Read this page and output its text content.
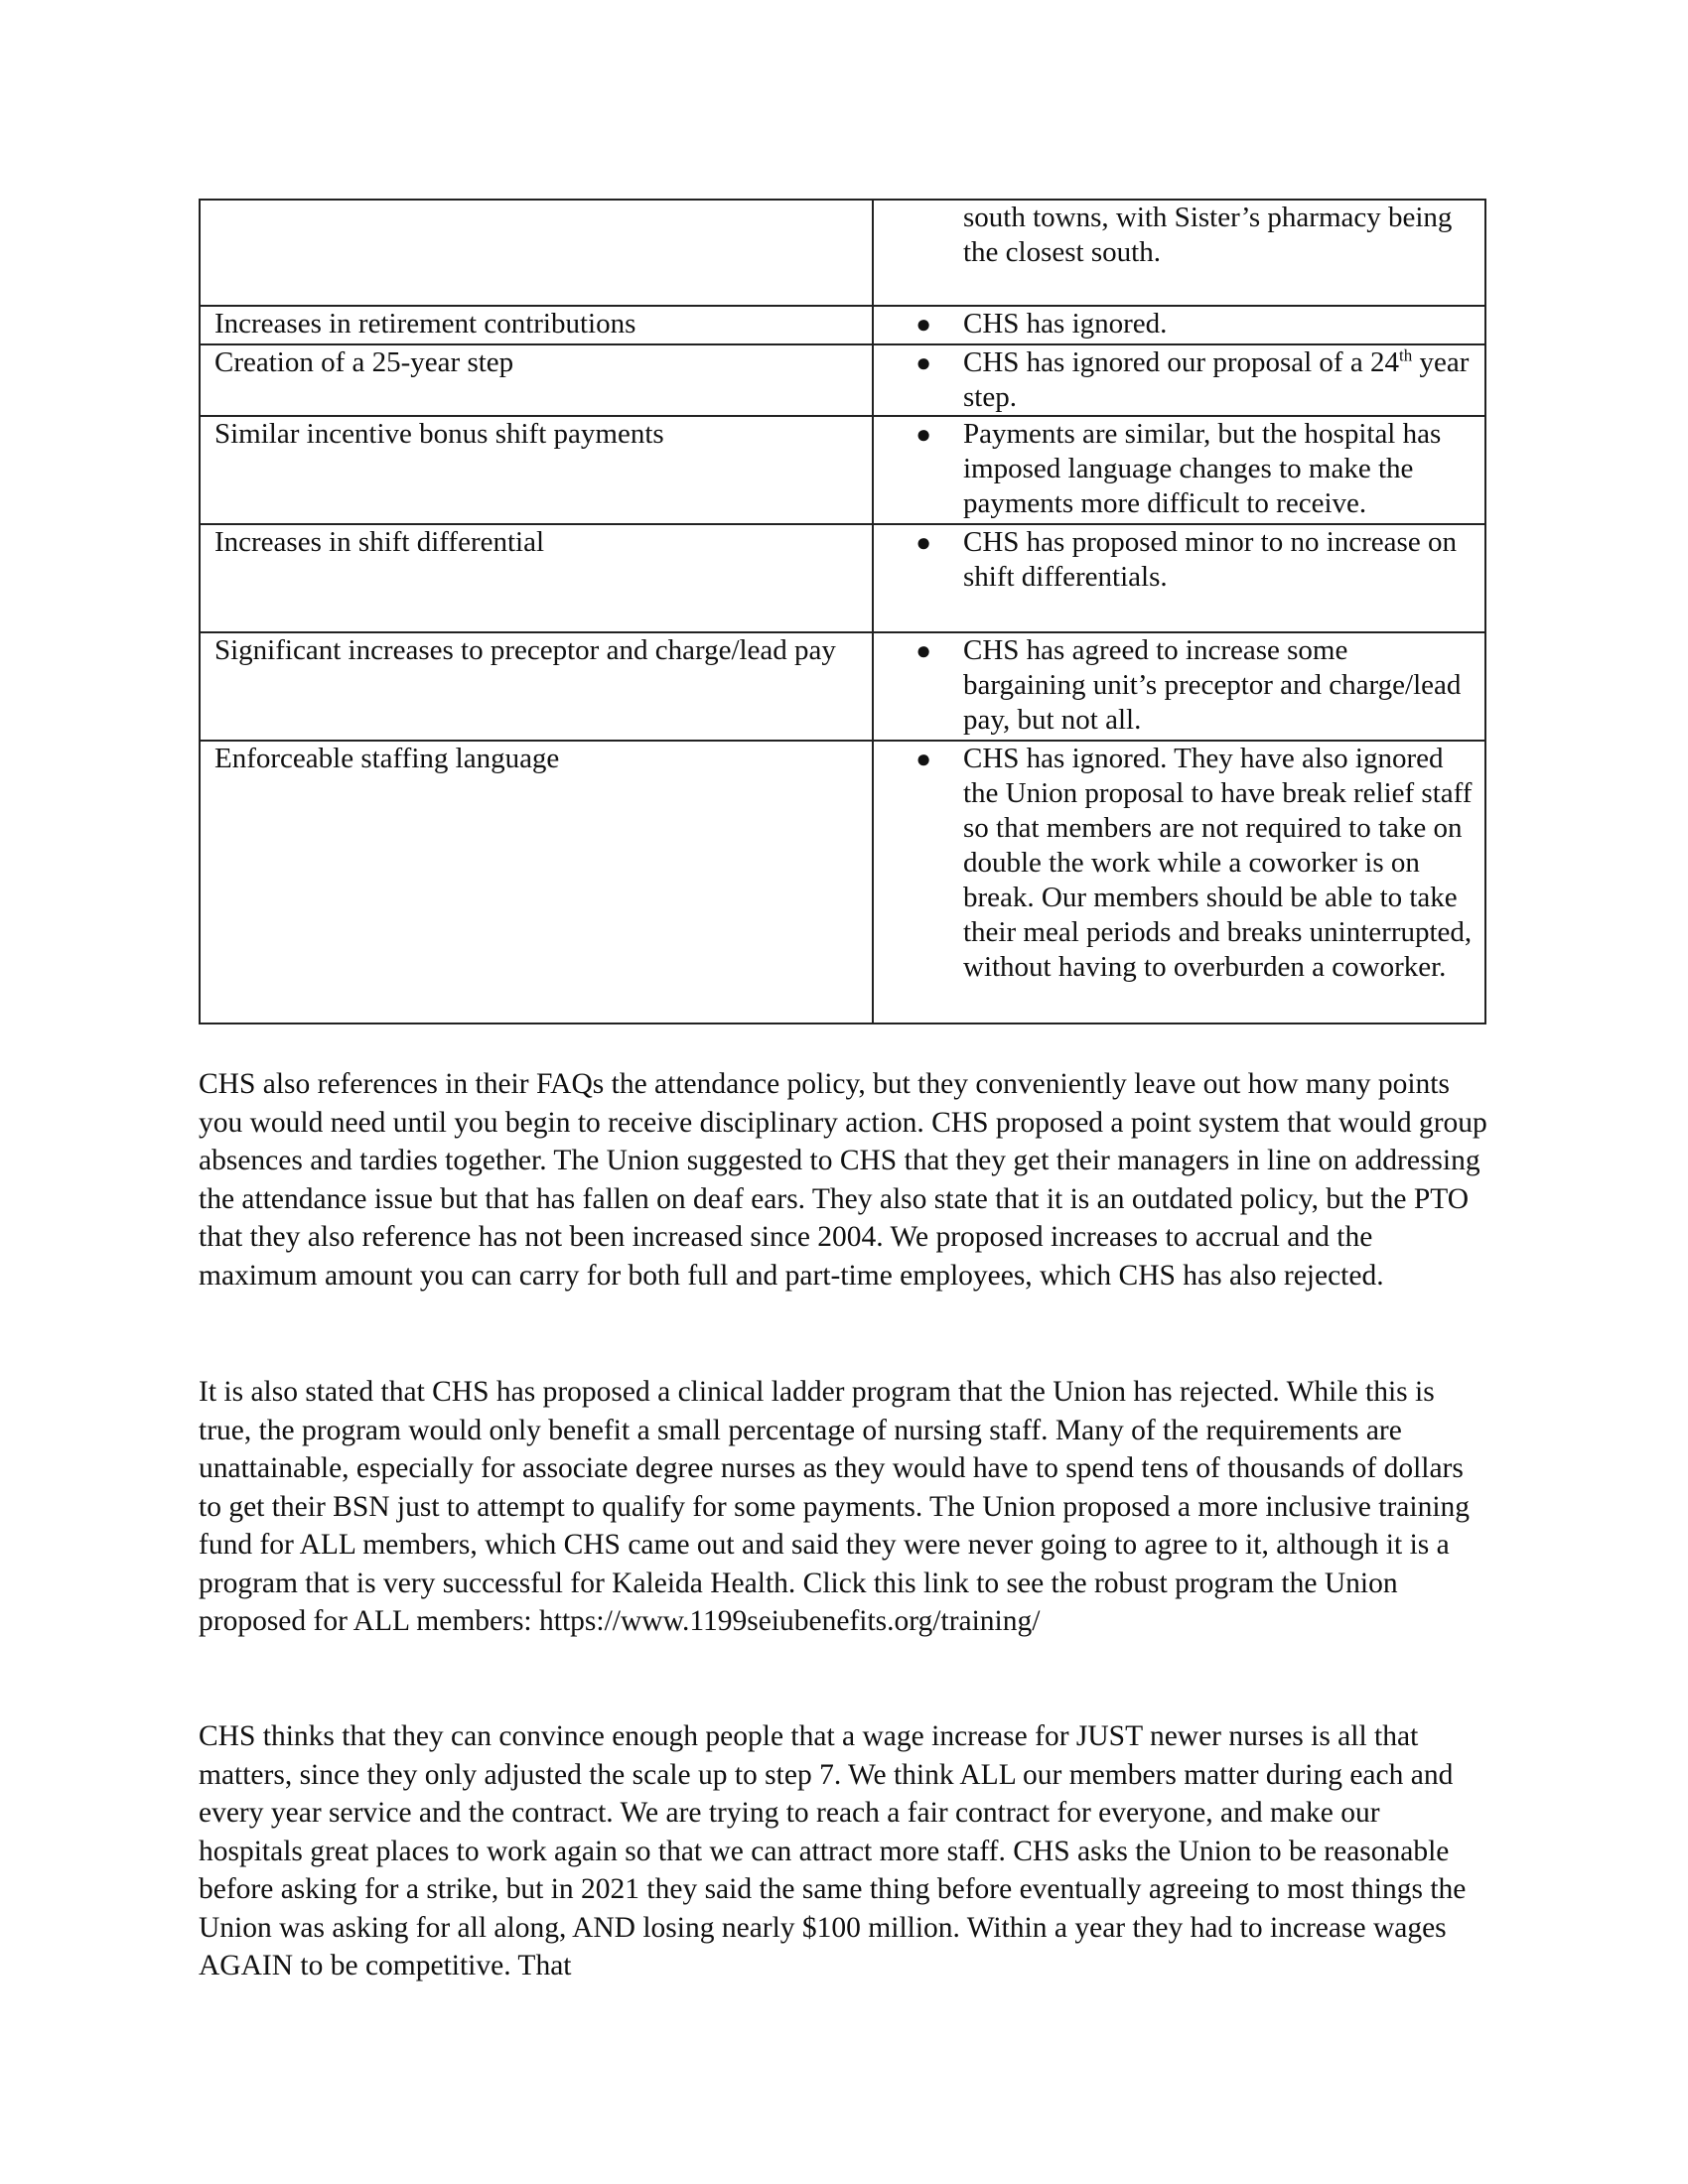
	south towns, with Sister’s pharmacy being the closest south.

Increases in retirement contributions	● CHS has ignored.

Creation of a 25-year step	● CHS has ignored our proposal of a 24th year step.

Similar incentive bonus shift payments	● Payments are similar, but the hospital has imposed language changes to make the payments more difficult to receive.

Increases in shift differential	● CHS has proposed minor to no increase on shift differentials.

Significant increases to preceptor and charge/lead pay	● CHS has agreed to increase some bargaining unit’s preceptor and charge/lead pay, but not all.

Enforceable staffing language	● CHS has ignored. They have also ignored the Union proposal to have break relief staff so that members are not required to take on double the work while a coworker is on break. Our members should be able to take their meal periods and breaks uninterrupted, without having to overburden a coworker.

CHS also references in their FAQs the attendance policy, but they conveniently leave out how many points you would need until you begin to receive disciplinary action. CHS proposed a point system that would group absences and tardies together. The Union suggested to CHS that they get their managers in line on addressing the attendance issue but that has fallen on deaf ears. They also state that it is an outdated policy, but the PTO that they also reference has not been increased since 2004. We proposed increases to accrual and the maximum amount you can carry for both full and part-time employees, which CHS has also rejected.

It is also stated that CHS has proposed a clinical ladder program that the Union has rejected. While this is true, the program would only benefit a small percentage of nursing staff. Many of the requirements are unattainable, especially for associate degree nurses as they would have to spend tens of thousands of dollars to get their BSN just to attempt to qualify for some payments. The Union proposed a more inclusive training fund for ALL members, which CHS came out and said they were never going to agree to it, although it is a program that is very successful for Kaleida Health. Click this link to see the robust program the Union proposed for ALL members: https://www.1199seiubenefits.org/training/

CHS thinks that they can convince enough people that a wage increase for JUST newer nurses is all that matters, since they only adjusted the scale up to step 7. We think ALL our members matter during each and every year service and the contract. We are trying to reach a fair contract for everyone, and make our hospitals great places to work again so that we can attract more staff. CHS asks the Union to be reasonable before asking for a strike, but in 2021 they said the same thing before eventually agreeing to most things the Union was asking for all along, AND losing nearly $100 million. Within a year they had to increase wages AGAIN to be competitive. That
